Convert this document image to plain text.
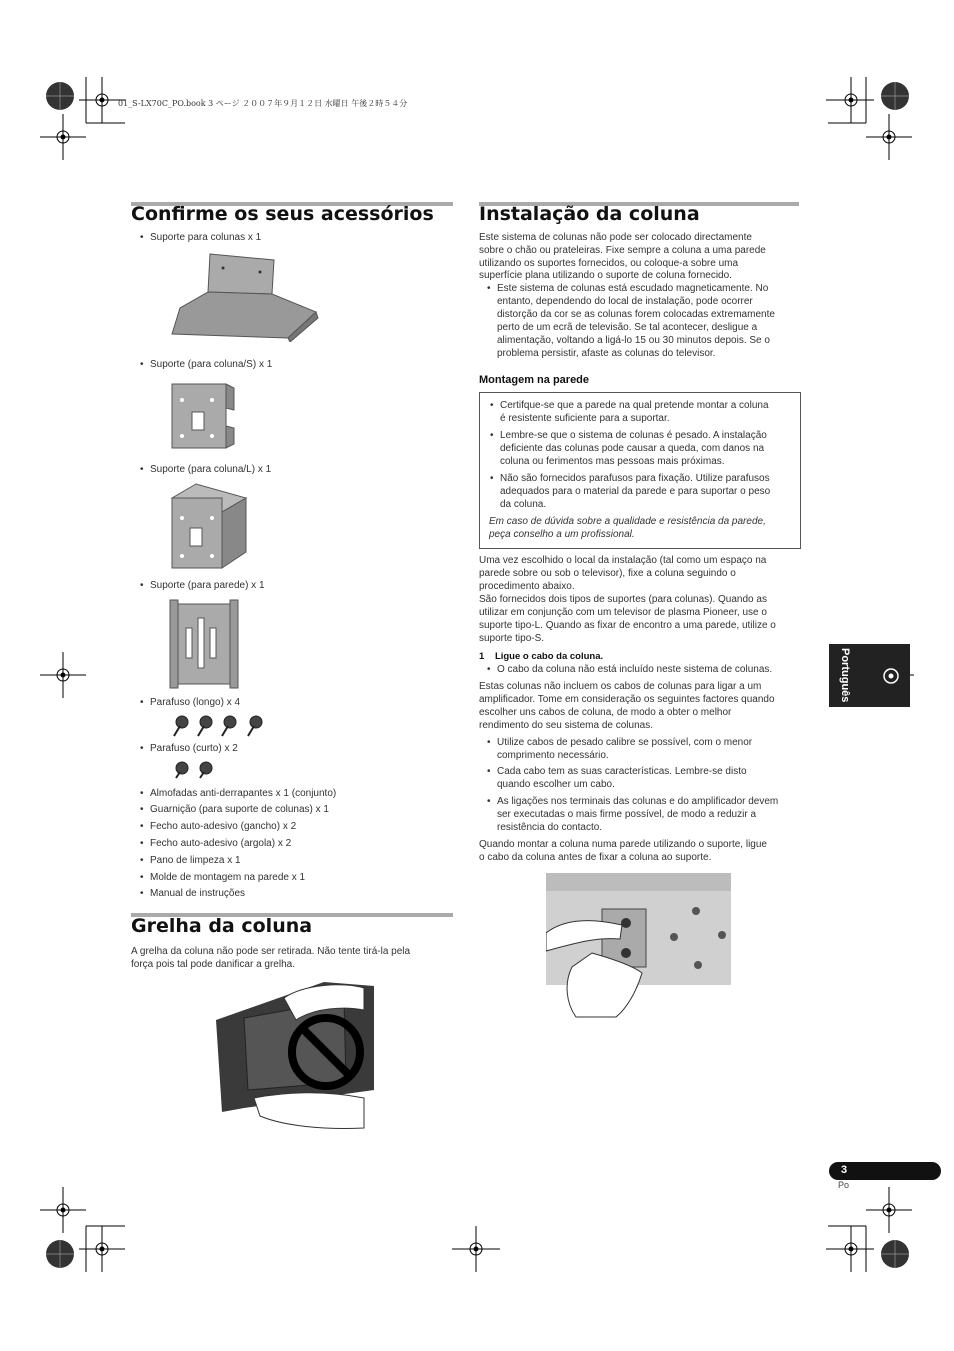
01_S-LX70C_PO.book 3 ページ ２００７年９月１２日 水曜日 午後２時５４分
Confirme os seus acessórios
• Suporte para colunas x 1
• Suporte (para coluna/S) x 1
• Suporte (para coluna/L) x 1
• Suporte (para parede) x 1
• Parafuso (longo) x 4
• Parafuso (curto) x 2
• Almofadas anti-derrapantes x 1 (conjunto)
• Guarnição (para suporte de colunas) x 1
• Fecho auto-adesivo (gancho) x 2
• Fecho auto-adesivo (argola) x 2
• Pano de limpeza x 1
• Molde de montagem na parede x 1
• Manual de instruções
Grelha da coluna
A grelha da coluna não pode ser retirada. Não tente tirá-la pela
força pois tal pode danificar a grelha.
Instalação da coluna
Este sistema de colunas não pode ser colocado directamente
sobre o chão ou prateleiras. Fixe sempre a coluna a uma parede
utilizando os suportes fornecidos, ou coloque-a sobre uma
superfície plana utilizando o suporte de coluna fornecido.
• Este sistema de colunas está escudado magneticamente. No
entanto, dependendo do local de instalação, pode ocorrer
distorção da cor se as colunas forem colocadas extremamente
perto de um ecrã de televisão. Se tal acontecer, desligue a
alimentação, voltando a ligá-lo 15 ou 30 minutos depois. Se o
problema persistir, afaste as colunas do televisor.
Montagem na parede
• Certifque-se que a parede na qual pretende montar a coluna
é resistente suficiente para a suportar.
• Lembre-se que o sistema de colunas é pesado. A instalação
deficiente das colunas pode causar a queda, com danos na
coluna ou ferimentos mas pessoas mais próximas.
• Não são fornecidos parafusos para fixação. Utilize parafusos
adequados para o material da parede e para suportar o peso
da coluna.
Em caso de dúvida sobre a qualidade e resistência da parede,
peça conselho a um profissional.
Uma vez escolhido o local da instalação (tal como um espaço na
parede sobre ou sob o televisor), fixe a coluna seguindo o
procedimento abaixo.
São fornecidos dois tipos de suportes (para colunas). Quando as
utilizar em conjunção com um televisor de plasma Pioneer, use o
suporte tipo-L. Quando as fixar de encontro a uma parede, utilize o
suporte tipo-S.
1 Ligue o cabo da coluna.
• O cabo da coluna não está incluído neste sistema de colunas.
Estas colunas não incluem os cabos de colunas para ligar a um
amplificador. Tome em consideração os seguintes factores quando
escolher uns cabos de coluna, de modo a obter o melhor
rendimento do seu sistema de colunas.
• Utilize cabos de pesado calibre se possível, com o menor
comprimento necessário.
• Cada cabo tem as suas características. Lembre-se disto
quando escolher um cabo.
• As ligações nos terminais das colunas e do amplificador devem
ser executadas o mais firme possível, de modo a reduzir a
resistência do contacto.
Quando montar a coluna numa parede utilizando o suporte, ligue
o cabo da coluna antes de fixar a coluna ao suporte.
Português
3
Po
